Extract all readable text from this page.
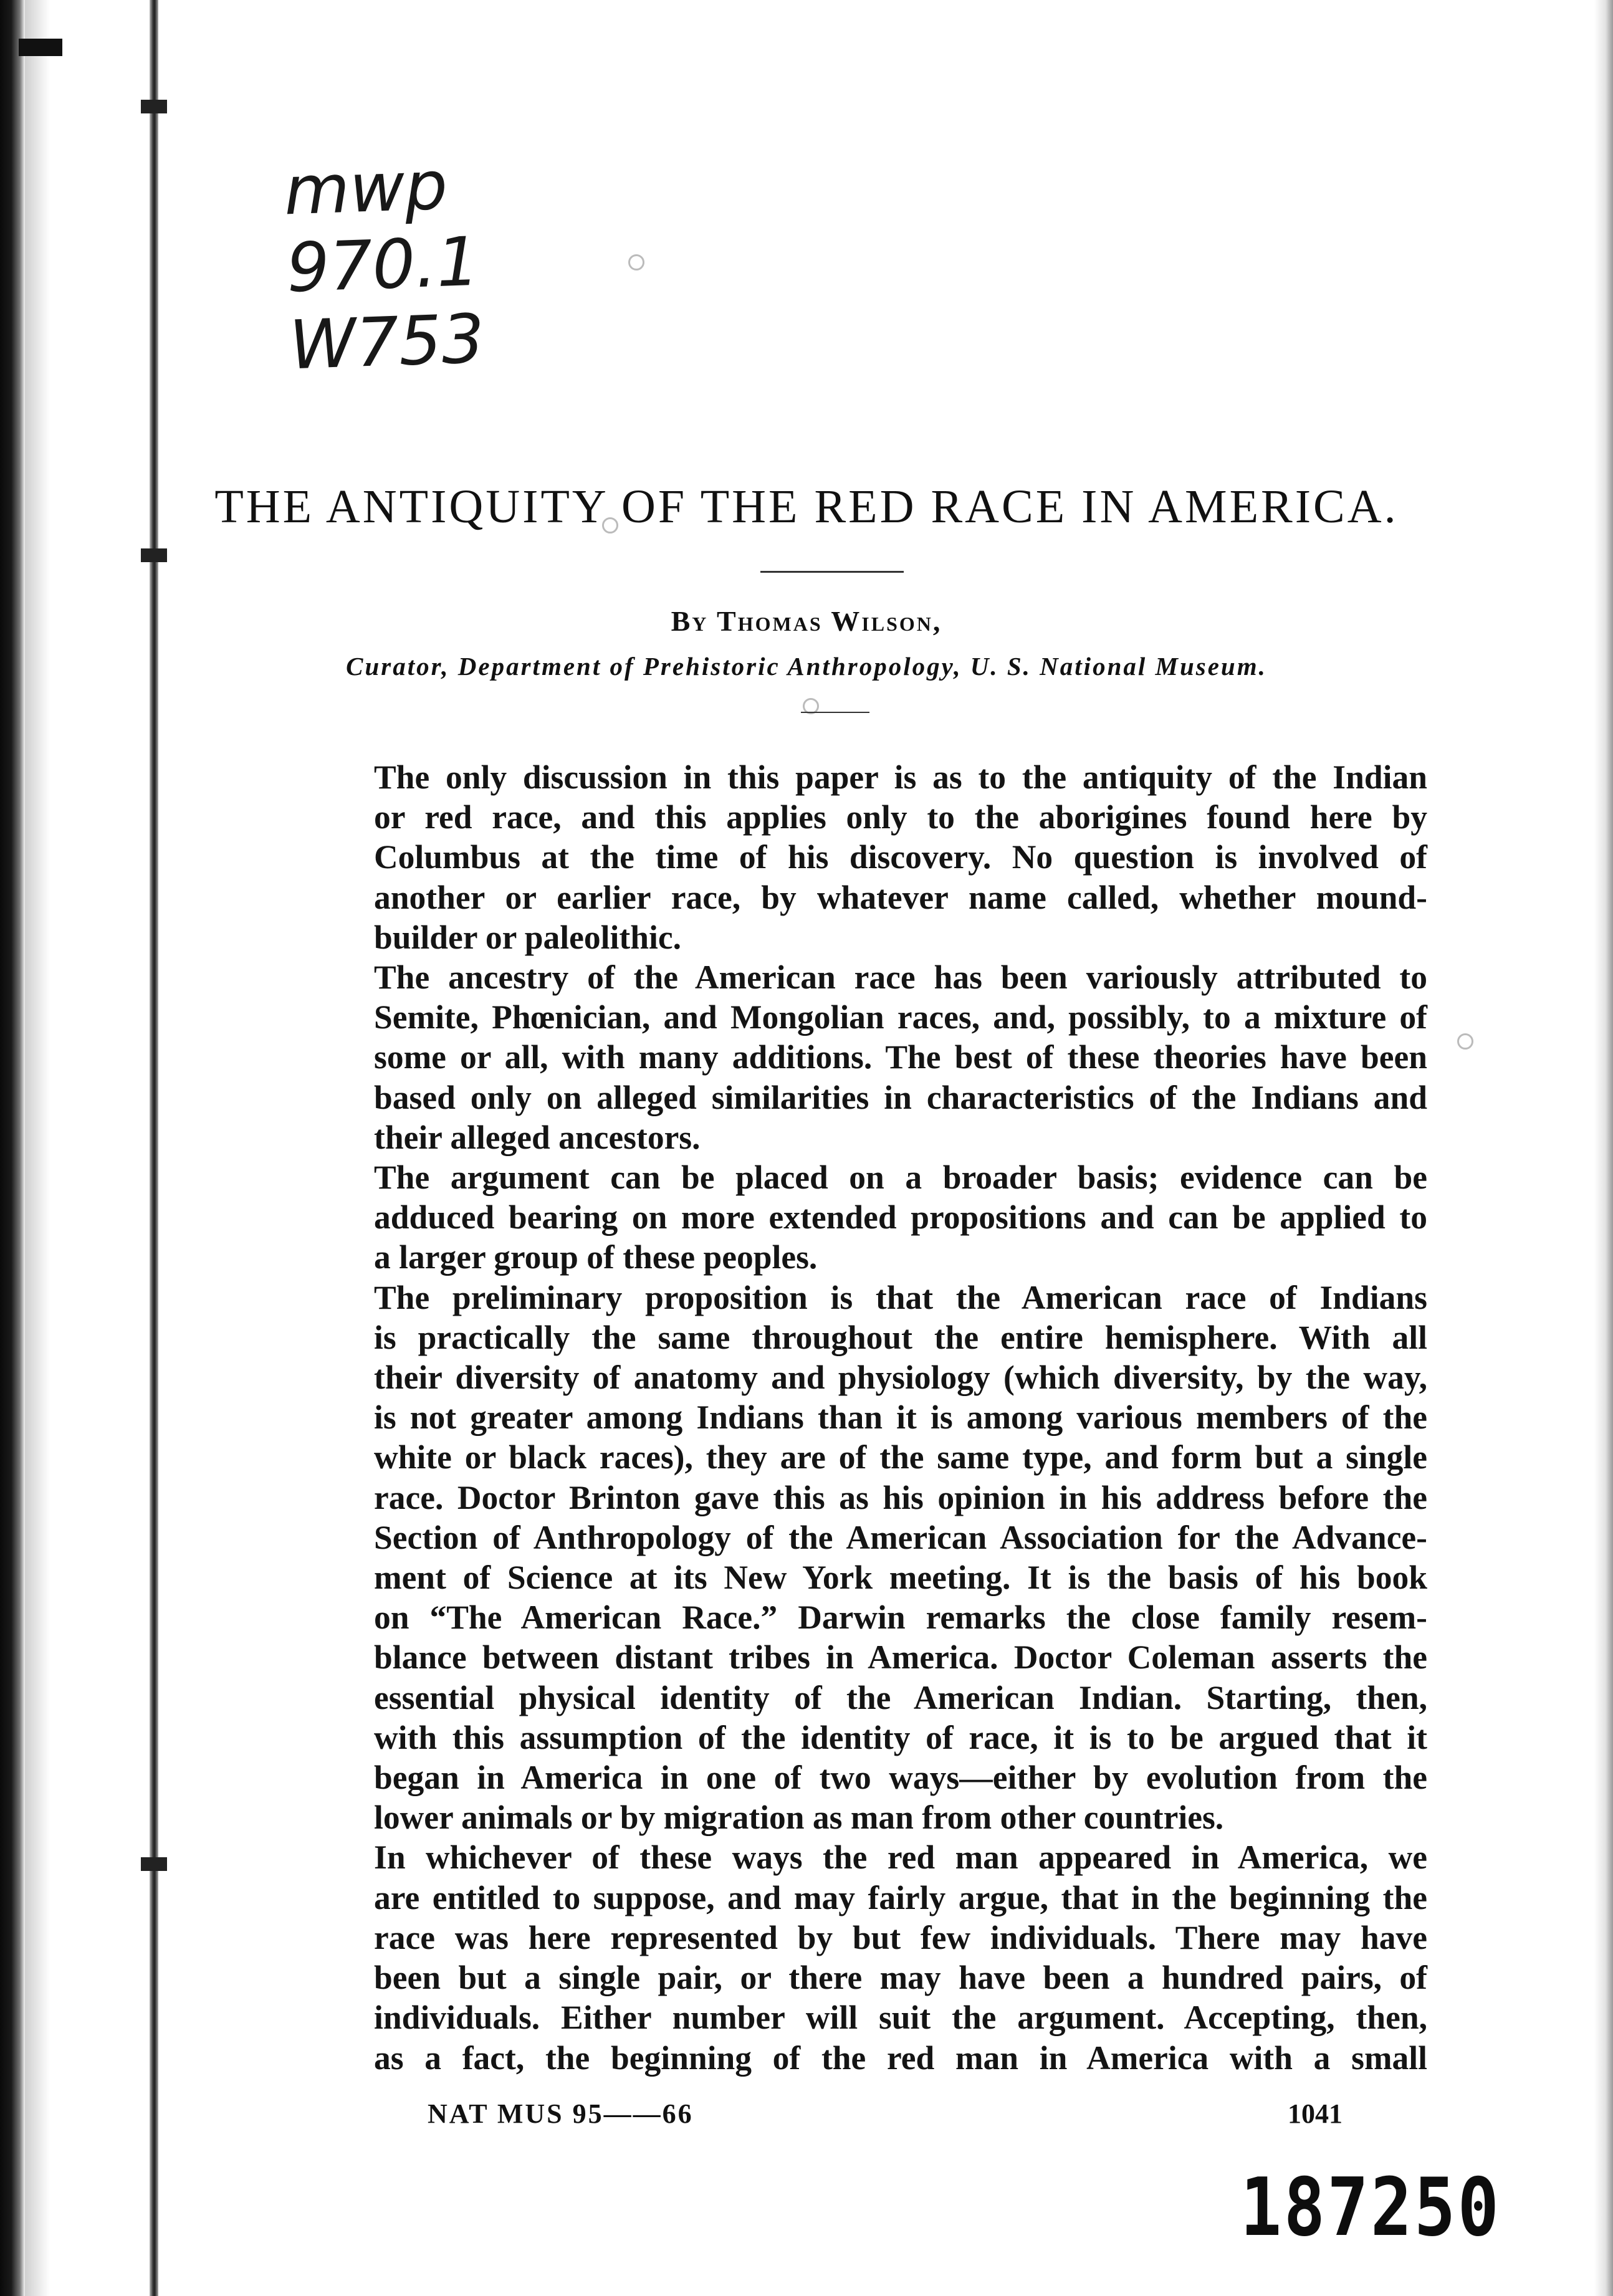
mwp
970.1
W753
THE ANTIQUITY OF THE RED RACE IN AMERICA.
By Thomas Wilson,
Curator, Department of Prehistoric Anthropology, U. S. National Museum.

The only discussion in this paper is as to the antiquity of the Indian
or red race, and this applies only to the aborigines found here by
Columbus at the time of his discovery. No question is involved of
another or earlier race, by whatever name called, whether mound-
builder or paleolithic.

The ancestry of the American race has been variously attributed to
Semite, Phœnician, and Mongolian races, and, possibly, to a mixture of
some or all, with many additions. The best of these theories have been
based only on alleged similarities in characteristics of the Indians and
their alleged ancestors.

The argument can be placed on a broader basis; evidence can be
adduced bearing on more extended propositions and can be applied to
a larger group of these peoples.

The preliminary proposition is that the American race of Indians
is practically the same throughout the entire hemisphere. With all
their diversity of anatomy and physiology (which diversity, by the way,
is not greater among Indians than it is among various members of the
white or black races), they are of the same type, and form but a single
race. Doctor Brinton gave this as his opinion in his address before the
Section of Anthropology of the American Association for the Advance-
ment of Science at its New York meeting. It is the basis of his book
on “The American Race.” Darwin remarks the close family resem-
blance between distant tribes in America. Doctor Coleman asserts the
essential physical identity of the American Indian. Starting, then,
with this assumption of the identity of race, it is to be argued that it
began in America in one of two ways—either by evolution from the
lower animals or by migration as man from other countries.

In whichever of these ways the red man appeared in America, we
are entitled to suppose, and may fairly argue, that in the beginning the
race was here represented by but few individuals. There may have
been but a single pair, or there may have been a hundred pairs, of
individuals. Either number will suit the argument. Accepting, then,
as a fact, the beginning of the red man in America with a small

NAT MUS 95——66	1041
187250
